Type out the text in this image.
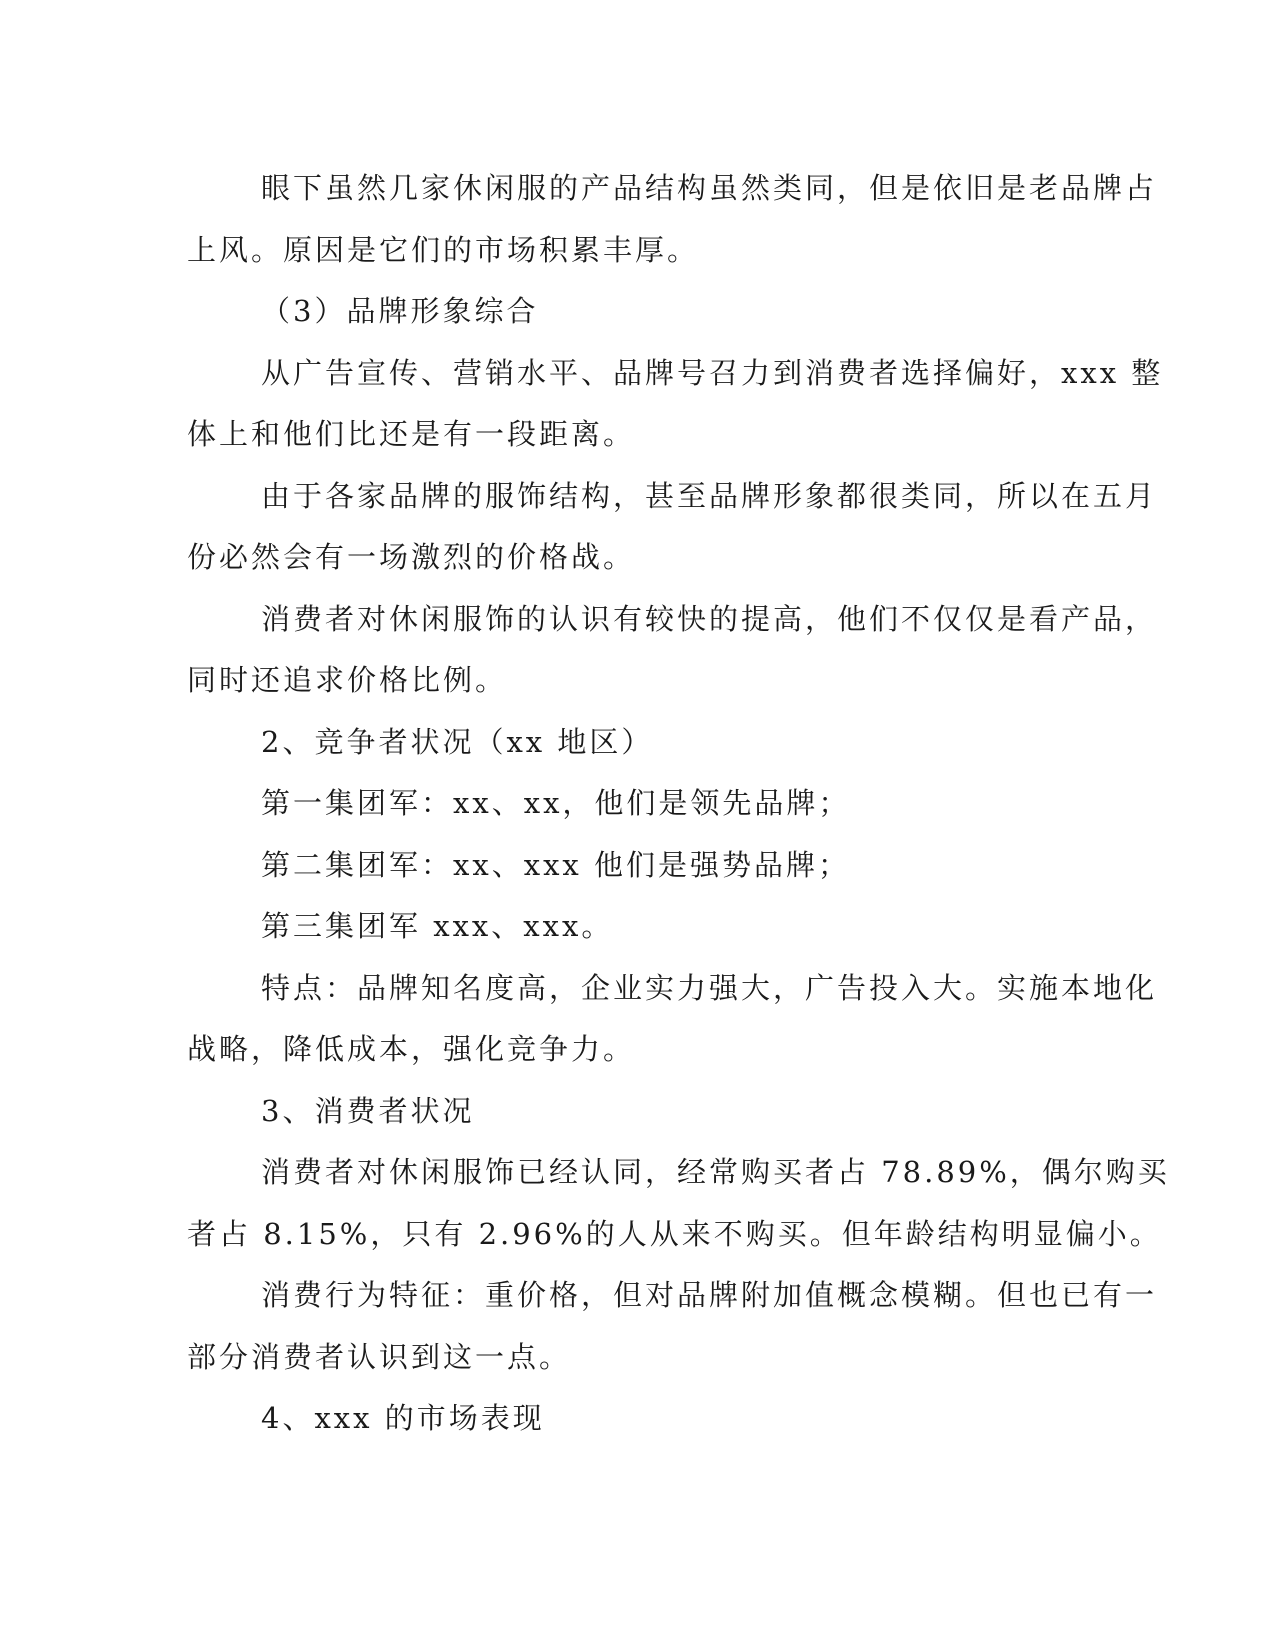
眼下虽然几家休闲服的产品结构虽然类同，但是依旧是老品牌占
上风。原因是它们的市场积累丰厚。
（3）品牌形象综合
从广告宣传、营销水平、品牌号召力到消费者选择偏好，xxx 整
体上和他们比还是有一段距离。
由于各家品牌的服饰结构，甚至品牌形象都很类同，所以在五月
份必然会有一场激烈的价格战。
消费者对休闲服饰的认识有较快的提高，他们不仅仅是看产品，
同时还追求价格比例。
2、竞争者状况（xx 地区）
第一集团军：xx、xx，他们是领先品牌；
第二集团军：xx、xxx 他们是强势品牌；
第三集团军 xxx、xxx。
特点：品牌知名度高，企业实力强大，广告投入大。实施本地化
战略，降低成本，强化竞争力。
3、消费者状况
消费者对休闲服饰已经认同，经常购买者占 78.89%，偶尔购买
者占 8.15%，只有 2.96%的人从来不购买。但年龄结构明显偏小。
消费行为特征：重价格，但对品牌附加值概念模糊。但也已有一
部分消费者认识到这一点。
4、xxx 的市场表现
